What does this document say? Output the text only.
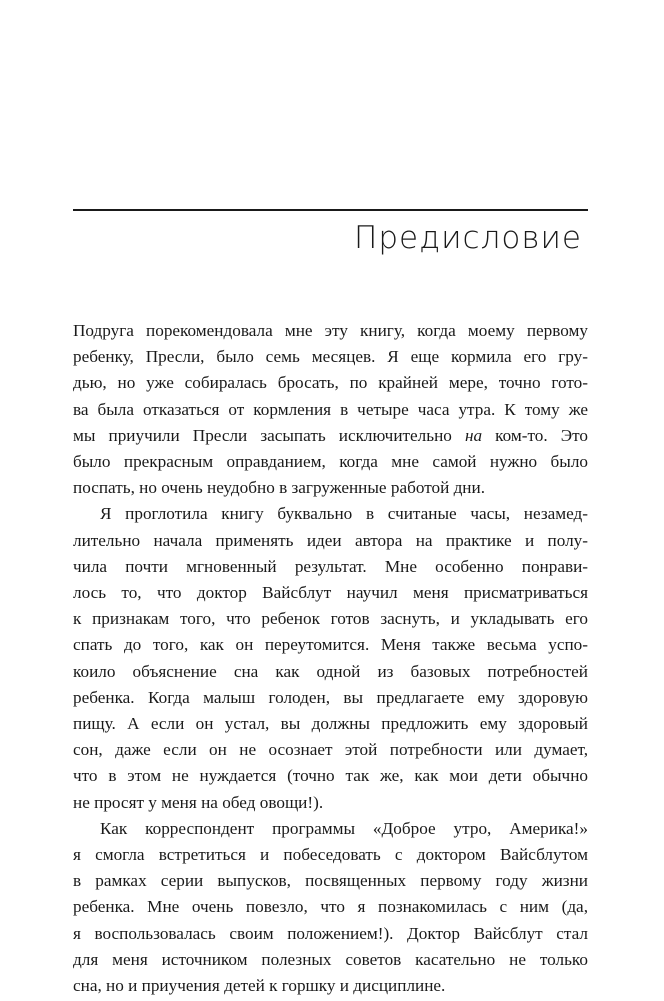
Предисловие

Подруга порекомендовала мне эту книгу, когда моему первому
ребенку, Пресли, было семь месяцев. Я еще кормила его гру-
дью, но уже собиралась бросать, по крайней мере, точно гото-
ва была отказаться от кормления в четыре часа утра. К тому же
мы приучили Пресли засыпать исключительно на ком-то. Это
было прекрасным оправданием, когда мне самой нужно было
поспать, но очень неудобно в загруженные работой дни.

Я проглотила книгу буквально в считаные часы, незамед-
лительно начала применять идеи автора на практике и полу-
чила почти мгновенный результат. Мне особенно понрави-
лось то, что доктор Вайсблут научил меня присматриваться
к признакам того, что ребенок готов заснуть, и укладывать его
спать до того, как он переутомится. Меня также весьма успо-
коило объяснение сна как одной из базовых потребностей
ребенка. Когда малыш голоден, вы предлагаете ему здоровую
пищу. А если он устал, вы должны предложить ему здоровый
сон, даже если он не осознает этой потребности или думает,
что в этом не нуждается (точно так же, как мои дети обычно
не просят у меня на обед овощи!).

Как корреспондент программы «Доброе утро, Америка!»
я смогла встретиться и побеседовать с доктором Вайсблутом
в рамках серии выпусков, посвященных первому году жизни
ребенка. Мне очень повезло, что я познакомилась с ним (да,
я воспользовалась своим положением!). Доктор Вайсблут стал
для меня источником полезных советов касательно не только
сна, но и приучения детей к горшку и дисциплине.
